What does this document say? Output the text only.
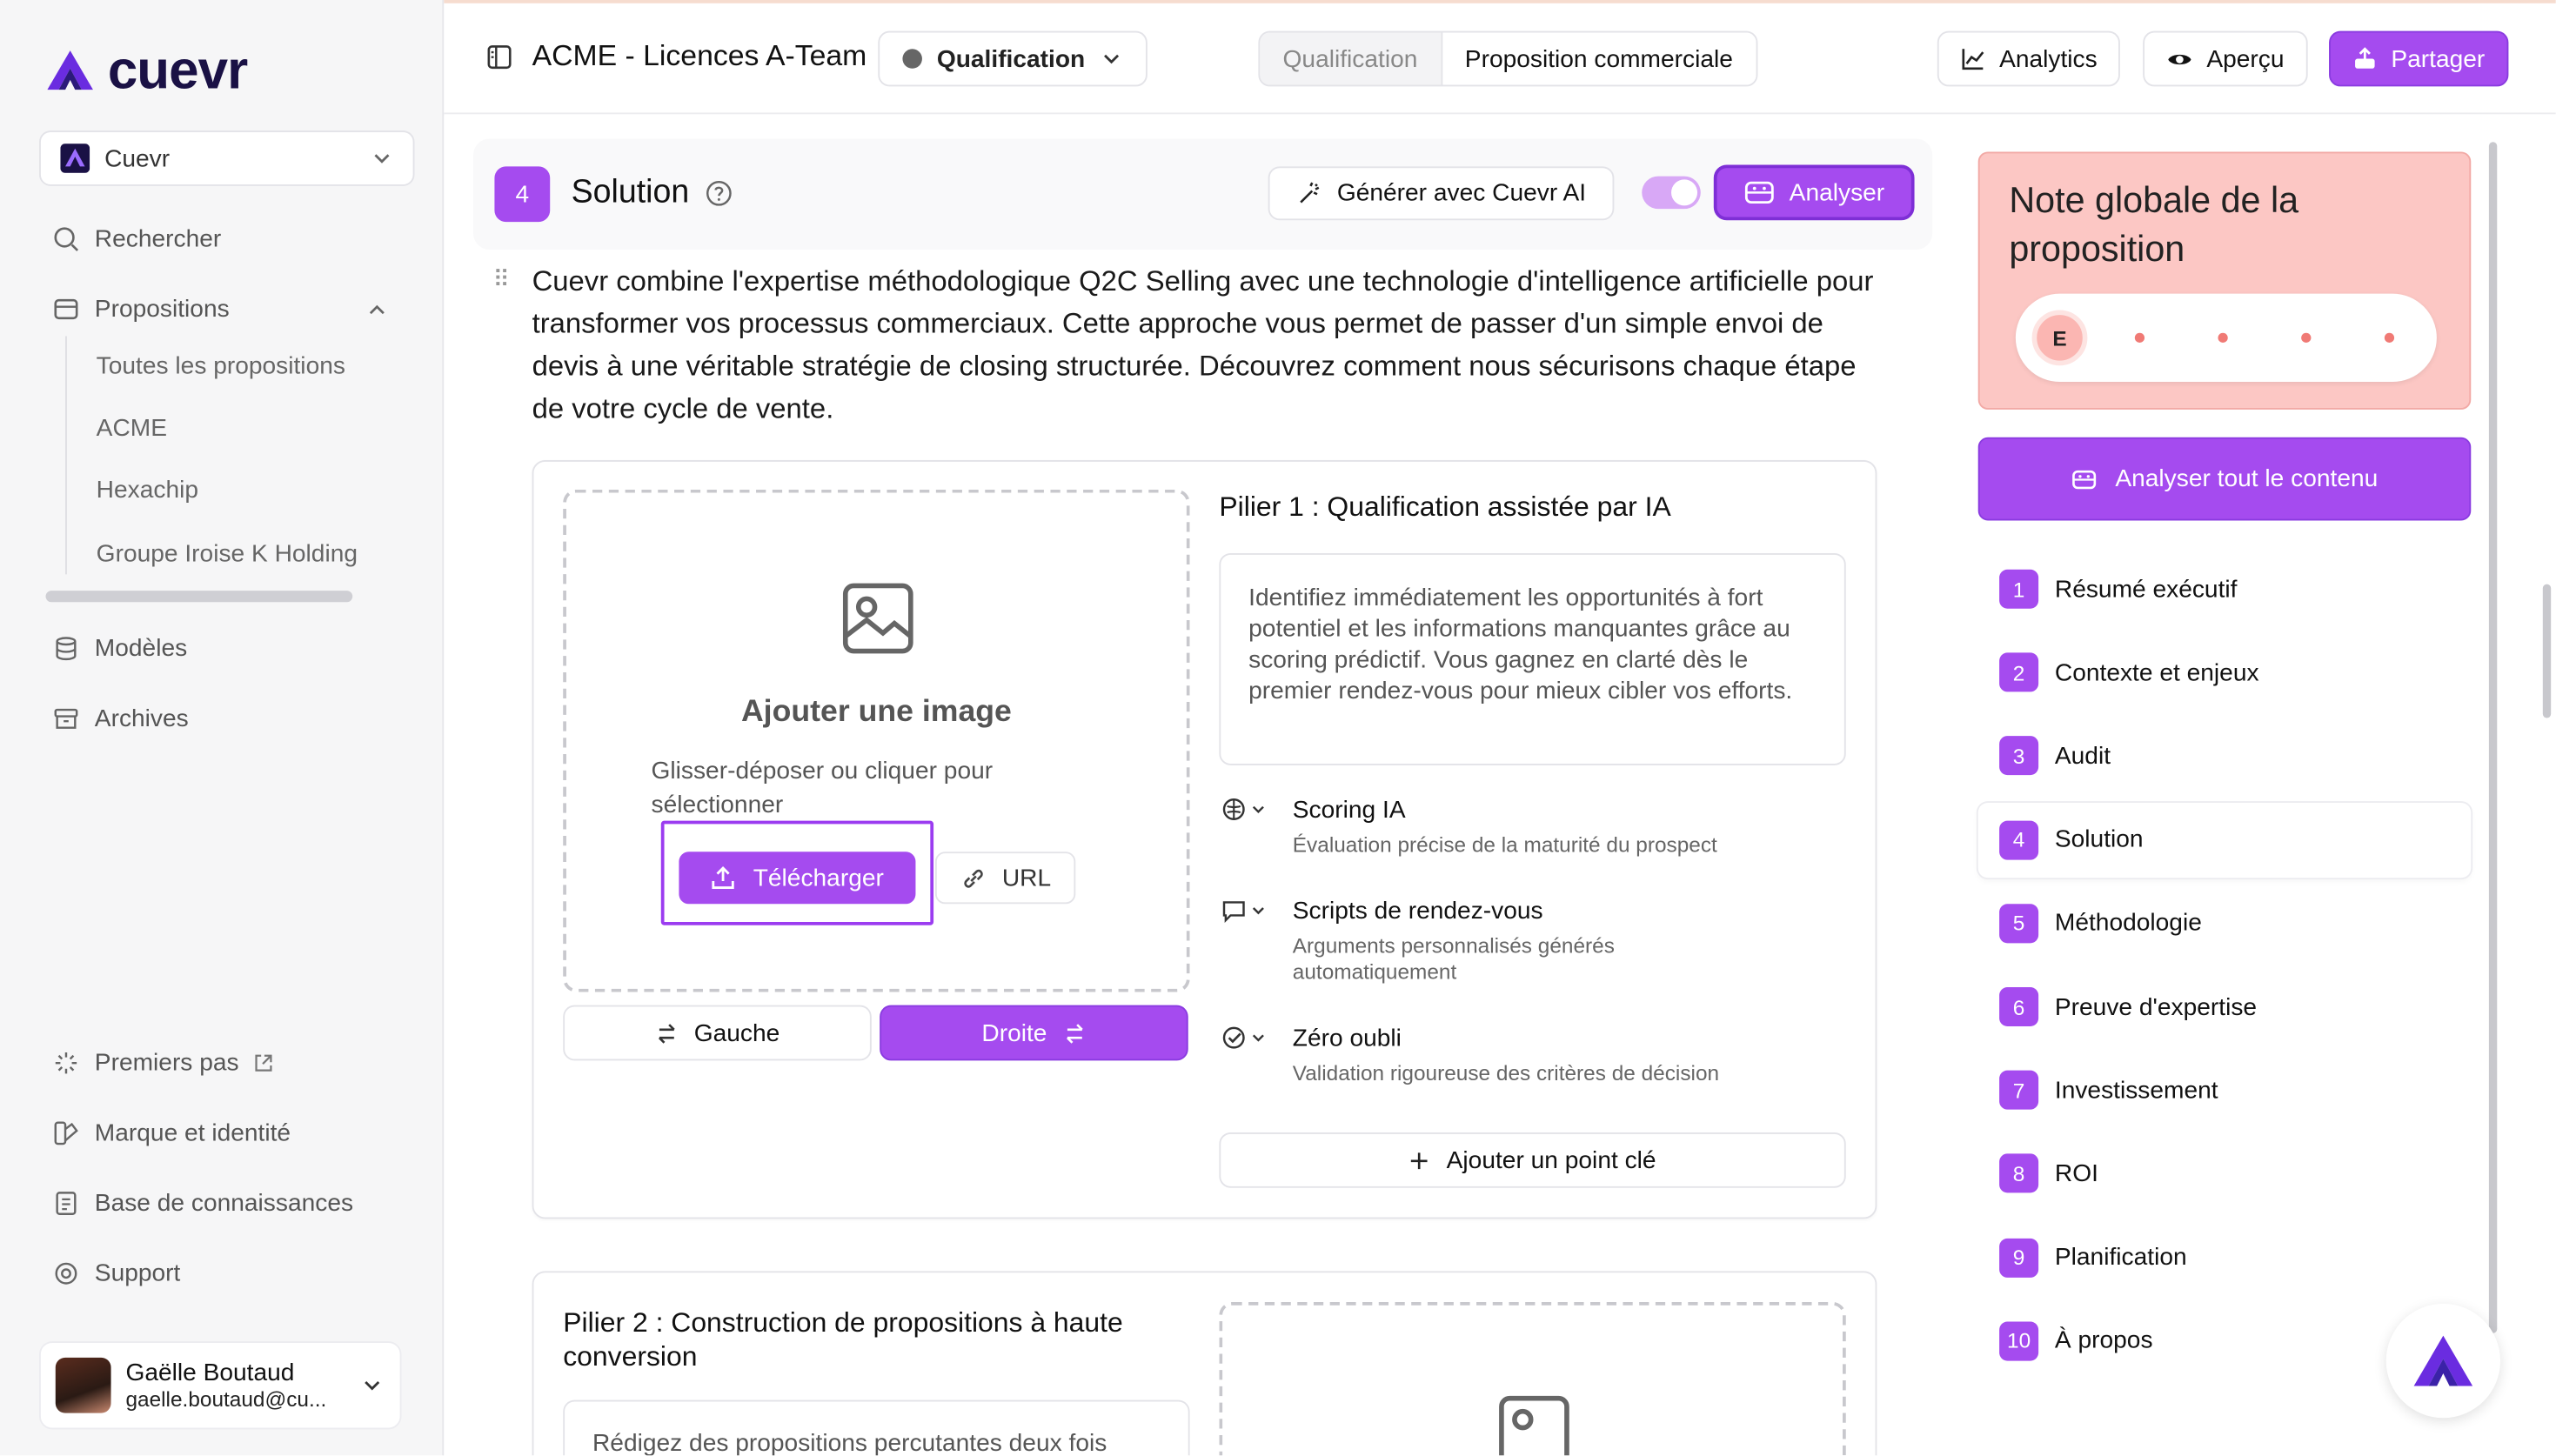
cuevr
Cuevr
Rechercher
Propositions
Toutes les propositions
ACME
Hexachip
Groupe Iroise K Holding
Modèles
Archives
Premiers pas
Marque et identité
Base de connaissances
Support
Gaëlle Boutaud
gaelle.boutaud@cu...
ACME - Licences A-Team	Qualification	Qualification	Proposition commerciale	Analytics	Aperçu	Partager
4	Solution	Générer avec Cuevr AI	Analyser
⠿ Cuevr combine l'expertise méthodologique Q2C Selling avec une technologie d'intelligence artificielle pour transformer vos processus commerciaux. Cette approche vous permet de passer d'un simple envoi de devis à une véritable stratégie de closing structurée. Découvrez comment nous sécurisons chaque étape de votre cycle de vente.

Ajouter une image
Glisser-déposer ou cliquer pour sélectionner
Télécharger	URL
Gauche	Droite
Pilier 1 : Qualification assistée par IA
Identifiez immédiatement les opportunités à fort potentiel et les informations manquantes grâce au scoring prédictif. Vous gagnez en clarté dès le premier rendez-vous pour mieux cibler vos efforts.
Scoring IA
Évaluation précise de la maturité du prospect
Scripts de rendez-vous
Arguments personnalisés générés automatiquement
Zéro oubli
Validation rigoureuse des critères de décision
Ajouter un point clé
Pilier 2 : Construction de propositions à haute conversion
Rédigez des propositions percutantes deux fois
Note globale de la proposition
E
Analyser tout le contenu
1	Résumé exécutif
2	Contexte et enjeux
3	Audit
4	Solution
5	Méthodologie
6	Preuve d'expertise
7	Investissement
8	ROI
9	Planification
10	À propos
